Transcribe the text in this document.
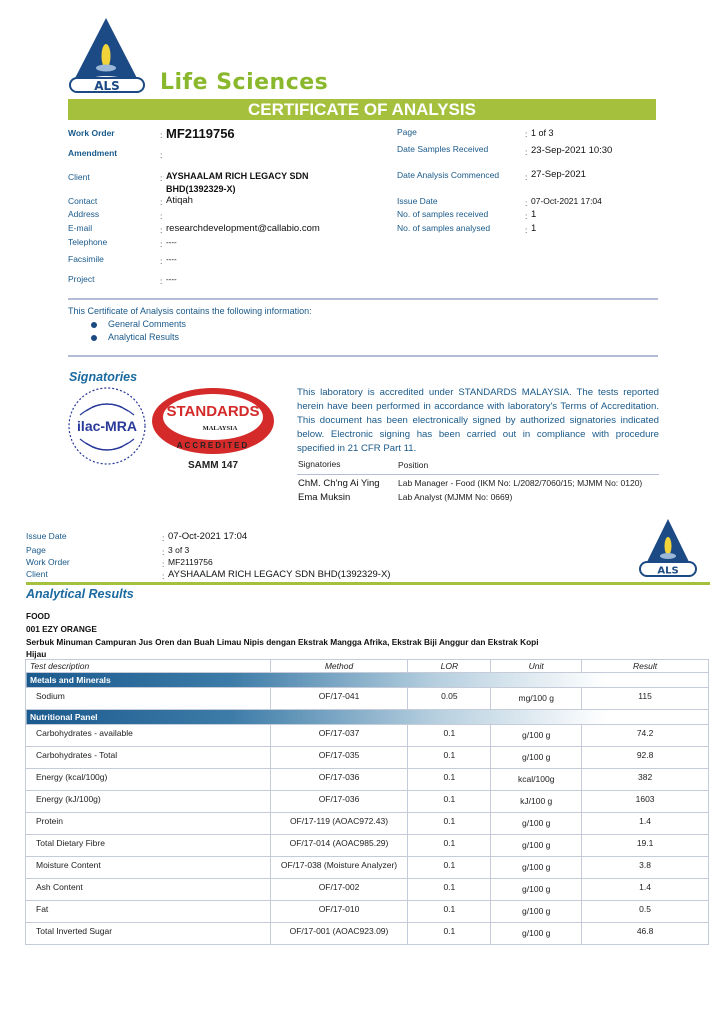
ALS Life Sciences
CERTIFICATE OF ANALYSIS
Work Order	: MF2119756
Amendment	:
Client	: AYSHAALAM RICH LEGACY SDN
BHD(1392329-X)
Contact	: Atiqah
Address	:
E-mail	: researchdevelopment@callabio.com
Telephone	: ----
Facsimile	: ----
Project	: ----
Page	: 1 of 3
Date Samples Received	: 23-Sep-2021 10:30
Date Analysis Commenced	: 27-Sep-2021
Issue Date	: 07-Oct-2021 17:04
No. of samples received	: 1
No. of samples analysed	: 1
This Certificate of Analysis contains the following information:
General Comments
Analytical Results
Signatories
ilac-MRA
STANDARDS
MALAYSIA
ACCREDITED
SAMM 147
This laboratory is accredited under STANDARDS MALAYSIA. The tests reported herein have been performed in accordance with laboratory's Terms of Accreditation. This document has been electronically signed by authorized signatories indicated below. Electronic signing has been carried out in compliance with procedure specified in 21 CFR Part 11.
Signatories	Position
ChM. Ch'ng Ai Ying Lab Manager - Food (IKM No: L/2082/7060/15; MJMM No: 0120)
Ema Muksin	Lab Analyst (MJMM No: 0669)
Issue Date	: 07-Oct-2021 17:04
Page	: 3 of 3
Work Order	: MF2119756
Client	: AYSHAALAM RICH LEGACY SDN BHD(1392329-X)	ALS
Analytical Results
FOOD
001 EZY ORANGE
Serbuk Minuman Campuran Jus Oren dan Buah Limau Nipis dengan Ekstrak Mangga Afrika, Ekstrak Biji Anggur dan Ekstrak Kopi
Hijau
Test description	Method	LOR	Unit	Result
Metals and Minerals				
Sodium	OF/17-041	0.05	mg/100 g	115
Nutritional Panel				
Carbohydrates - available	OF/17-037	0.1	g/100 g	74.2
Carbohydrates - Total	OF/17-035	0.1	g/100 g	92.8
Energy (kcal/100g)	OF/17-036	0.1	kcal/100g	382
Energy (kJ/100g)	OF/17-036	0.1	kJ/100 g	1603
Protein	OF/17-119 (AOAC972.43)	0.1	g/100 g	1.4
Total Dietary Fibre	OF/17-014 (AOAC985.29)	0.1	g/100 g	19.1
Moisture Content	OF/17-038 (Moisture Analyzer)	0.1	g/100 g	3.8
Ash Content	OF/17-002	0.1	g/100 g	1.4
Fat	OF/17-010	0.1	g/100 g	0.5
Total Inverted Sugar	OF/17-001 (AOAC923.09)	0.1	g/100 g	46.8
